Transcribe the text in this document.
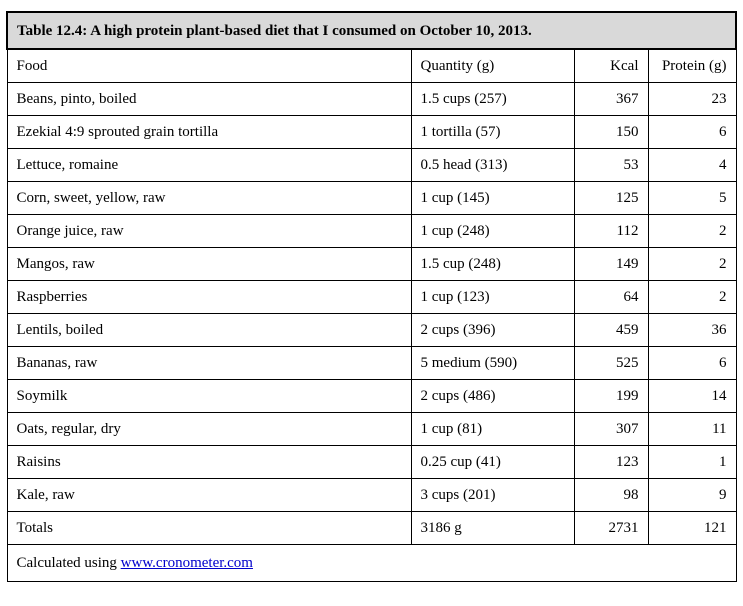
Table 12.4: A high protein plant-based diet that I consumed on October 10, 2013.			
Food	Quantity (g)	Kcal	Protein (g)
Beans, pinto, boiled	1.5 cups (257)	367	23
Ezekial 4:9 sprouted grain tortilla	1 tortilla (57)	150	6
Lettuce, romaine	0.5 head (313)	53	4
Corn, sweet, yellow, raw	1 cup (145)	125	5
Orange juice, raw	1 cup (248)	112	2
Mangos, raw	1.5 cup (248)	149	2
Raspberries	1 cup (123)	64	2
Lentils, boiled	2 cups (396)	459	36
Bananas, raw	5 medium (590)	525	6
Soymilk	2 cups (486)	199	14
Oats, regular, dry	1 cup (81)	307	11
Raisins	0.25 cup (41)	123	1
Kale, raw	3 cups (201)	98	9
Totals	3186 g	2731	121
Calculated using www.cronometer.com			
